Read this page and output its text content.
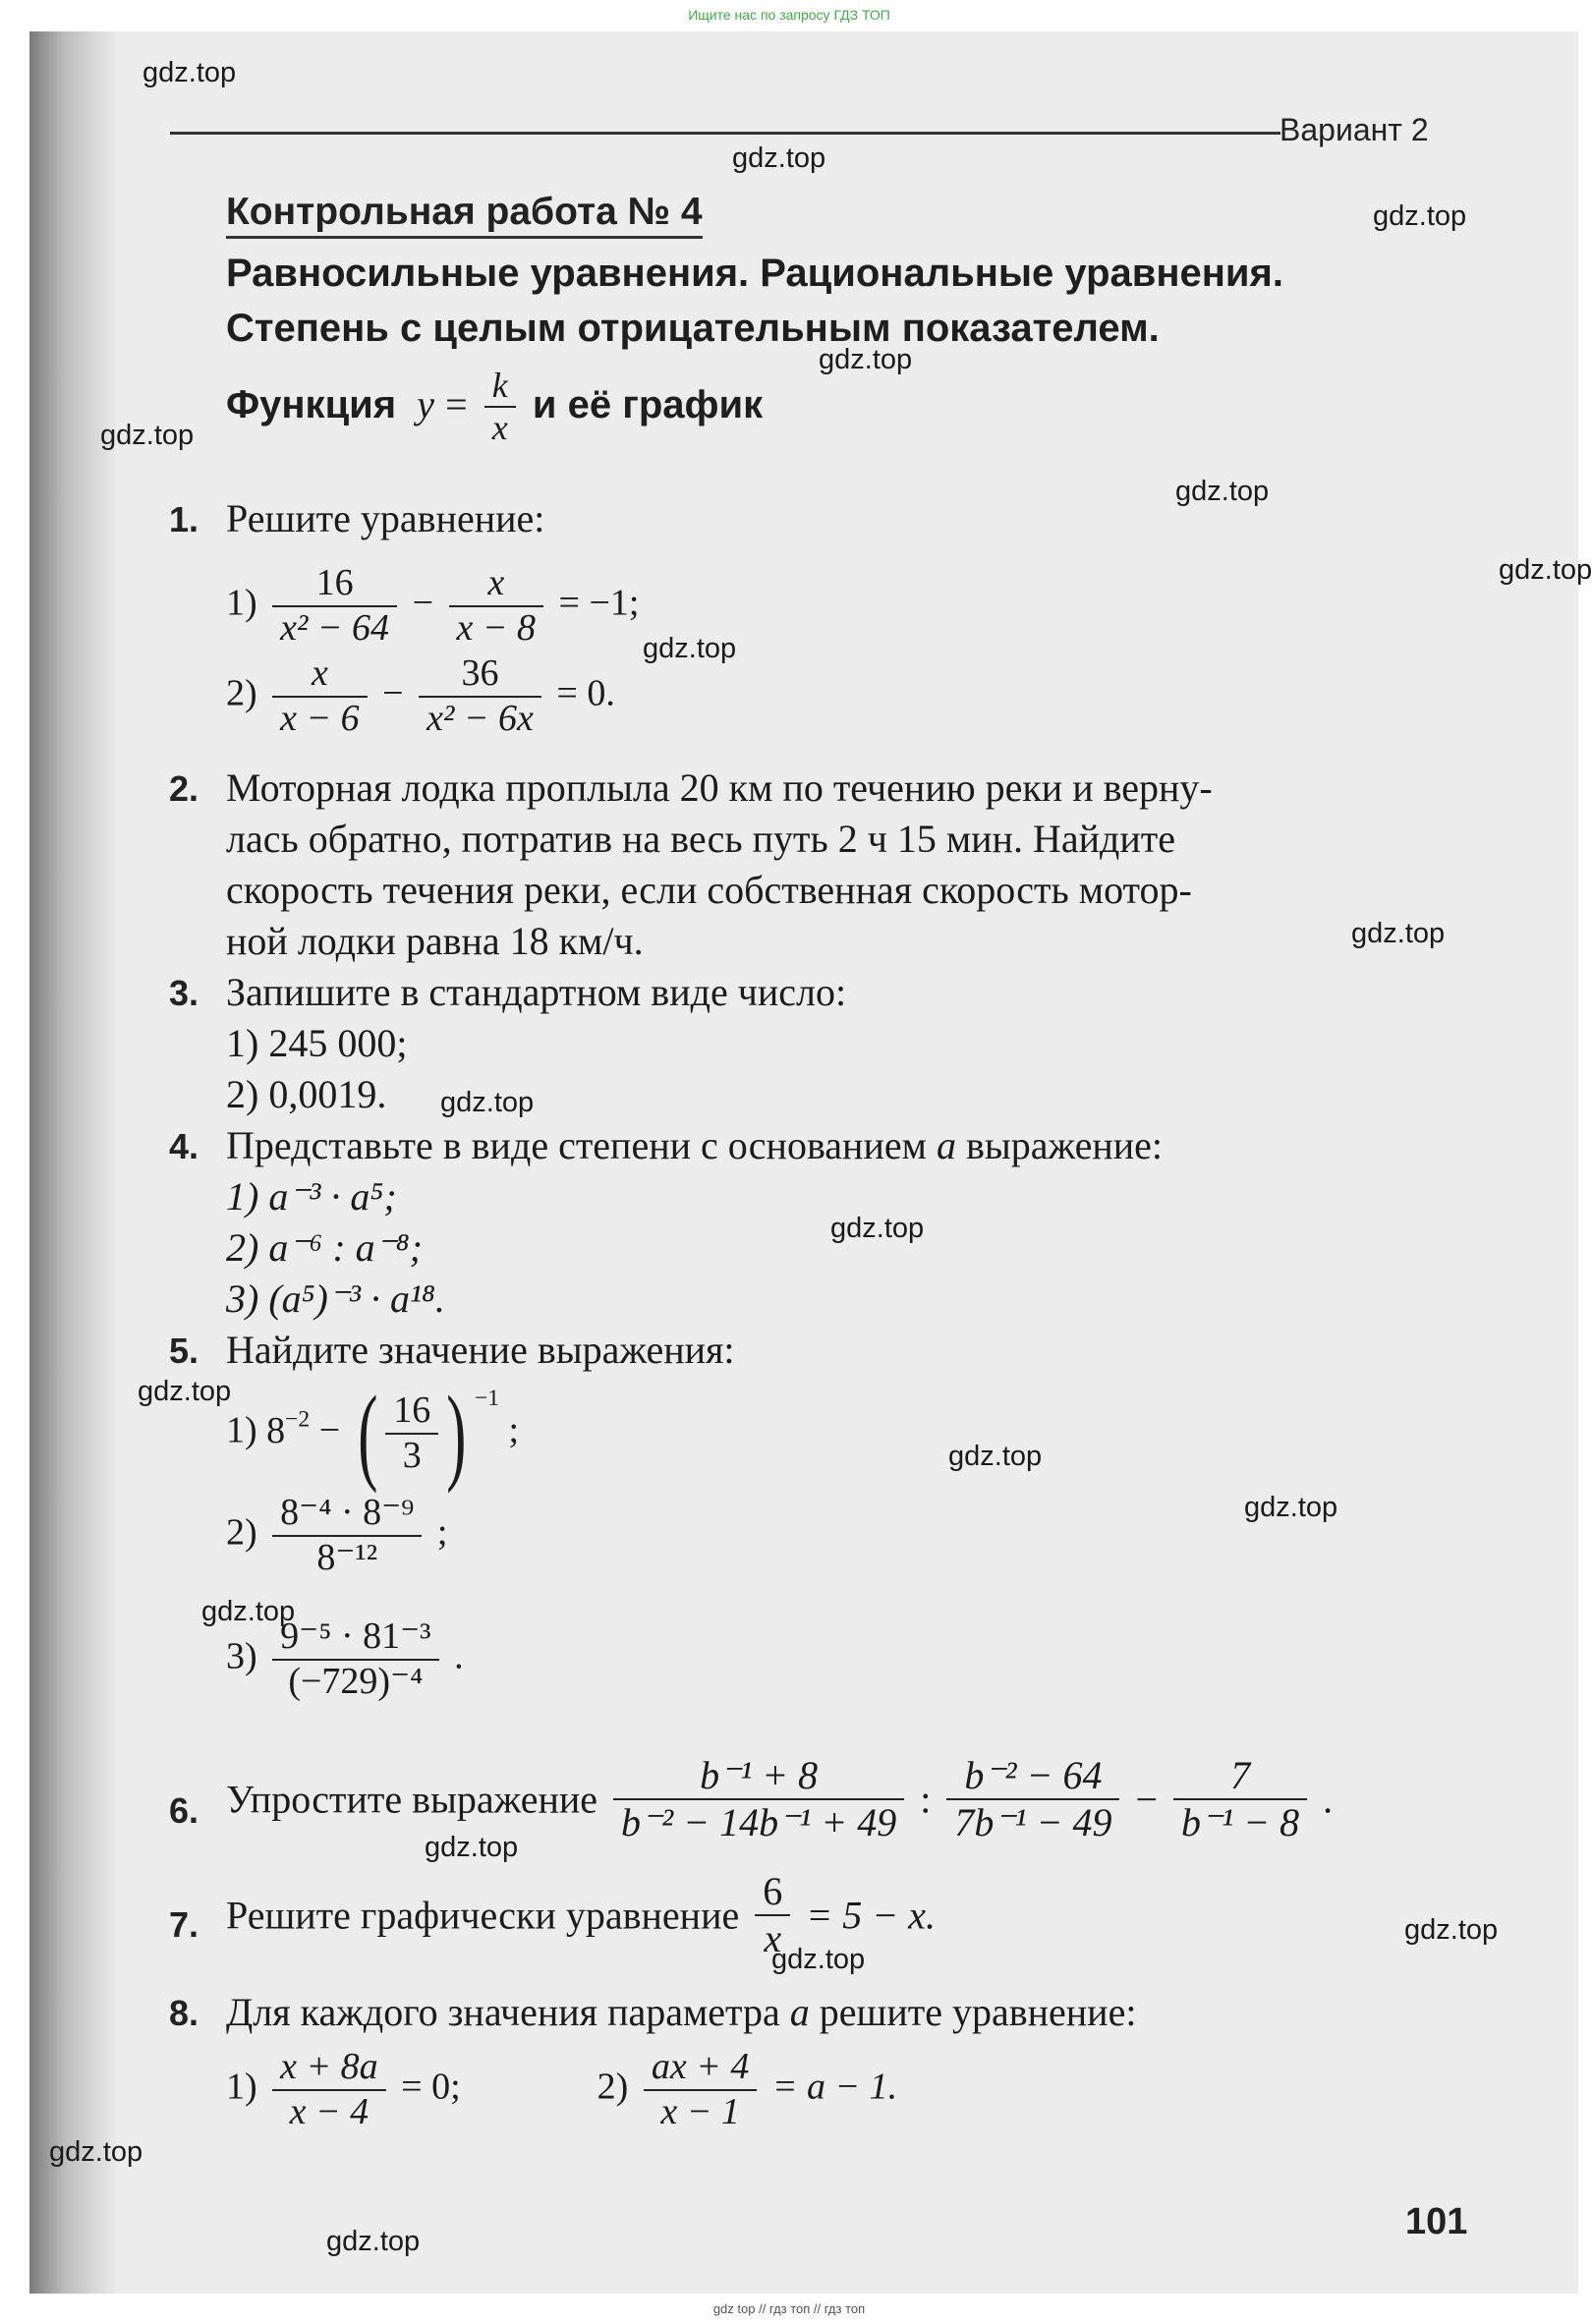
Ищите нас по запросу ГДЗ ТОП
Вариант 2
Контрольная работа № 4
Равносильные уравнения. Рациональные уравнения.
Степень с целым отрицательным показателем.
Функция $y = \frac{k}{x}$ и её график
1. Решите уравнение:
$1) \frac{16}{\text{x² − 64}} - \frac{x}{x - 8} = -1$;
$2) \frac{x}{x - 6} - \frac{36}{\text{x² − 6x}} = 0$.
2. Моторная лодка проплыла 20 км по течению реки и верну-
лась обратно, потратив на весь путь 2 ч 15 мин. Найдите
скорость течения реки, если собственная скорость мотор-
ной лодки равна 18 км/ч.
3. Запишите в стандартном виде число:
1) 245 000;
2) 0,0019.
4. Представьте в виде степени с основанием a выражение:
1) a⁻³ · a⁵;
2) a⁻⁶ : a⁻⁸;
3) (a⁵)⁻³ · a¹⁸.
5. Найдите значение выражения:
1) $8^{-2}$ − ( $\frac{16}{3}$ ) $^{-1}$ ;
$2) \frac{\text{8⁻⁴ · 8⁻⁹}}{\text{8⁻¹²}}$ ;
$3) \frac{\text{9⁻⁵ · 81⁻³}}{\text{(−729)⁻⁴}}$ .
6. Упростите выражение $\frac{\text{b⁻¹ + 8}}{\text{b⁻² − 14b⁻¹ + 49}}$ : $\frac{\text{b⁻² − 64}}{\text{7b⁻¹ − 49}} - \frac{7}{\text{b⁻¹ − 8}}$ .
7. Решите графически уравнение $\frac{6}{x} = 5 - x$.
8. Для каждого значения параметра a решите уравнение:
$1) \frac{x + 8a}{x - 4} = 0$;	$2) \frac{ax + 4}{x - 1} = a - 1$.
101
gdz.top
gdz.top
gdz.top
gdz.top
gdz.top
gdz.top
gdz.top
gdz.top
gdz.top
gdz.top
gdz.top
gdz.top
gdz.top
gdz.top
gdz.top
gdz.top
gdz.top
gdz.top
gdz.top
gdz.top
gdz top // гдз топ // гдз топ
